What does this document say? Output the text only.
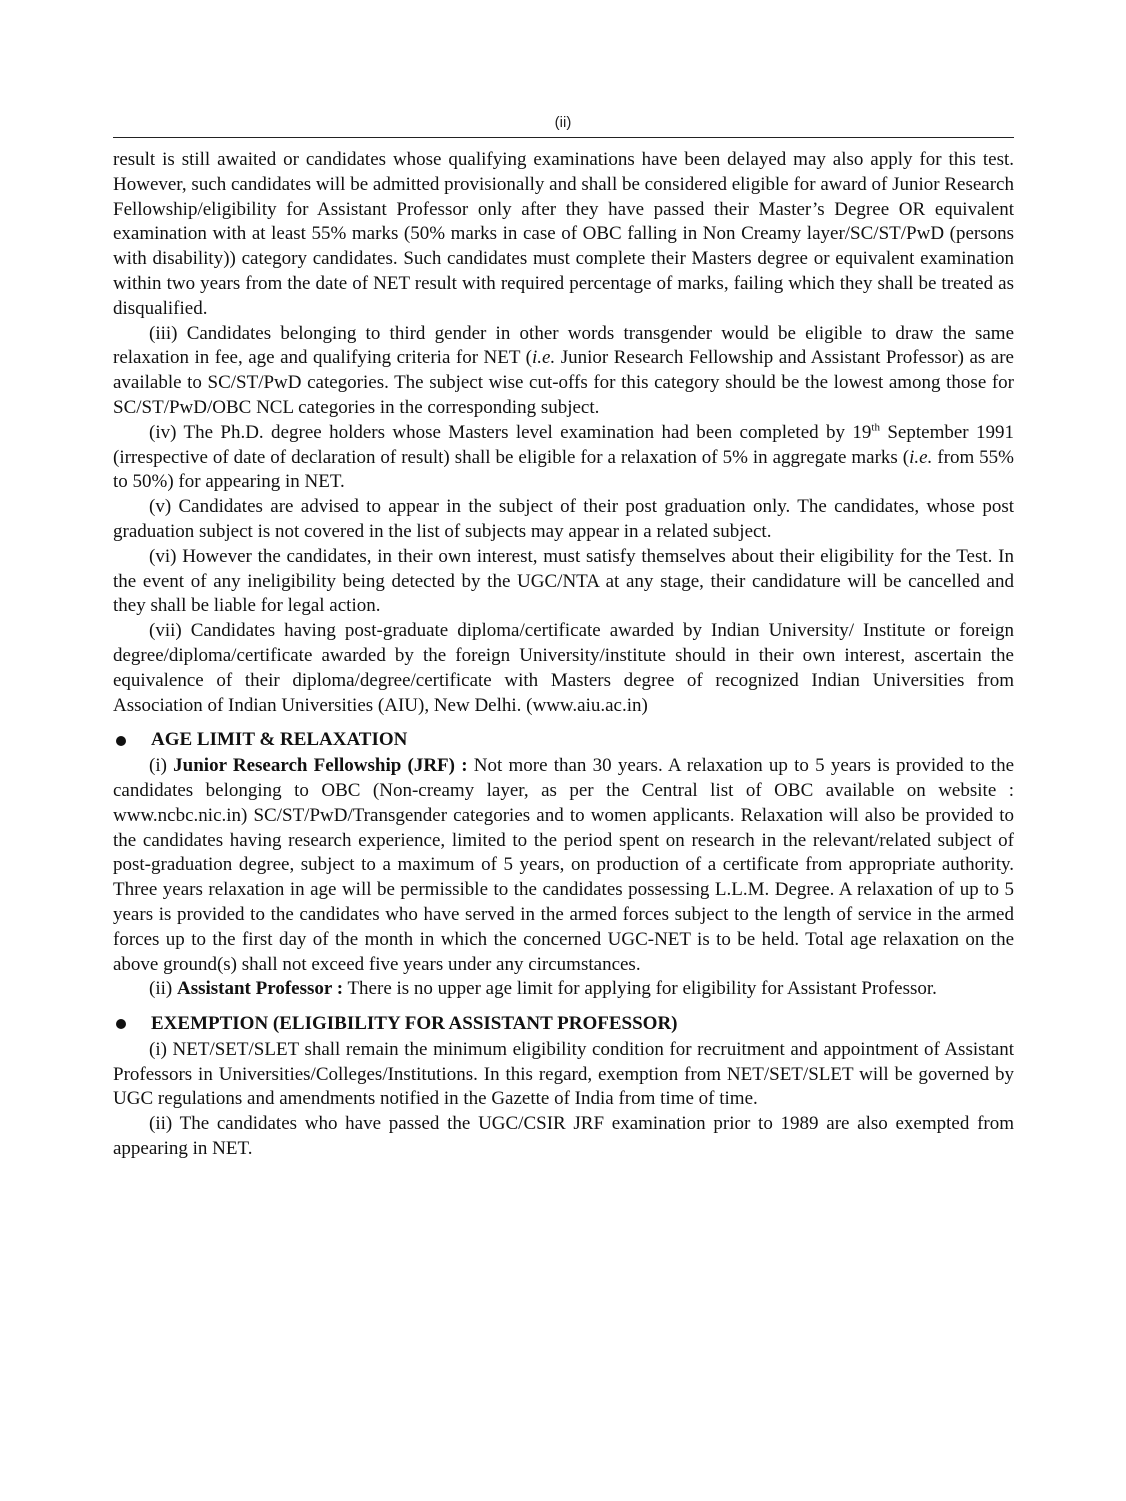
(ii)

result is still awaited or candidates whose qualifying examinations have been delayed may also apply for this test. However, such candidates will be admitted provisionally and shall be considered eligible for award of Junior Research Fellowship/eligibility for Assistant Professor only after they have passed their Master’s Degree OR equivalent examination with at least 55% marks (50% marks in case of OBC falling in Non Creamy layer/SC/ST/PwD (persons with disability)) category candidates. Such candidates must complete their Masters degree or equivalent examination within two years from the date of NET result with required percentage of marks, failing which they shall be treated as disqualified.

(iii) Candidates belonging to third gender in other words transgender would be eligible to draw the same relaxation in fee, age and qualifying criteria for NET (i.e. Junior Research Fellowship and Assistant Professor) as are available to SC/ST/PwD categories. The subject wise cut-offs for this category should be the lowest among those for SC/ST/PwD/OBC NCL categories in the corresponding subject.

(iv) The Ph.D. degree holders whose Masters level examination had been completed by 19th September 1991 (irrespective of date of declaration of result) shall be eligible for a relaxation of 5% in aggregate marks (i.e. from 55% to 50%) for appearing in NET.

(v) Candidates are advised to appear in the subject of their post graduation only. The candidates, whose post graduation subject is not covered in the list of subjects may appear in a related subject.

(vi) However the candidates, in their own interest, must satisfy themselves about their eligibility for the Test. In the event of any ineligibility being detected by the UGC/NTA at any stage, their candidature will be cancelled and they shall be liable for legal action.

(vii) Candidates having post-graduate diploma/certificate awarded by Indian University/ Institute or foreign degree/diploma/certificate awarded by the foreign University/institute should in their own interest, ascertain the equivalence of their diploma/degree/certificate with Masters degree of recognized Indian Universities from Association of Indian Universities (AIU), New Delhi. (www.aiu.ac.in)

AGE LIMIT & RELAXATION

(i) Junior Research Fellowship (JRF) : Not more than 30 years. A relaxation up to 5 years is provided to the candidates belonging to OBC (Non-creamy layer, as per the Central list of OBC available on website : www.ncbc.nic.in) SC/ST/PwD/Transgender categories and to women applicants. Relaxation will also be provided to the candidates having research experience, limited to the period spent on research in the relevant/related subject of post-graduation degree, subject to a maximum of 5 years, on production of a certificate from appropriate authority. Three years relaxation in age will be permissible to the candidates possessing L.L.M. Degree. A relaxation of up to 5 years is provided to the candidates who have served in the armed forces subject to the length of service in the armed forces up to the first day of the month in which the concerned UGC-NET is to be held. Total age relaxation on the above ground(s) shall not exceed five years under any circumstances.

(ii) Assistant Professor : There is no upper age limit for applying for eligibility for Assistant Professor.

EXEMPTION (ELIGIBILITY FOR ASSISTANT PROFESSOR)

(i) NET/SET/SLET shall remain the minimum eligibility condition for recruitment and appointment of Assistant Professors in Universities/Colleges/Institutions. In this regard, exemption from NET/SET/SLET will be governed by UGC regulations and amendments notified in the Gazette of India from time of time.

(ii) The candidates who have passed the UGC/CSIR JRF examination prior to 1989 are also exempted from appearing in NET.
